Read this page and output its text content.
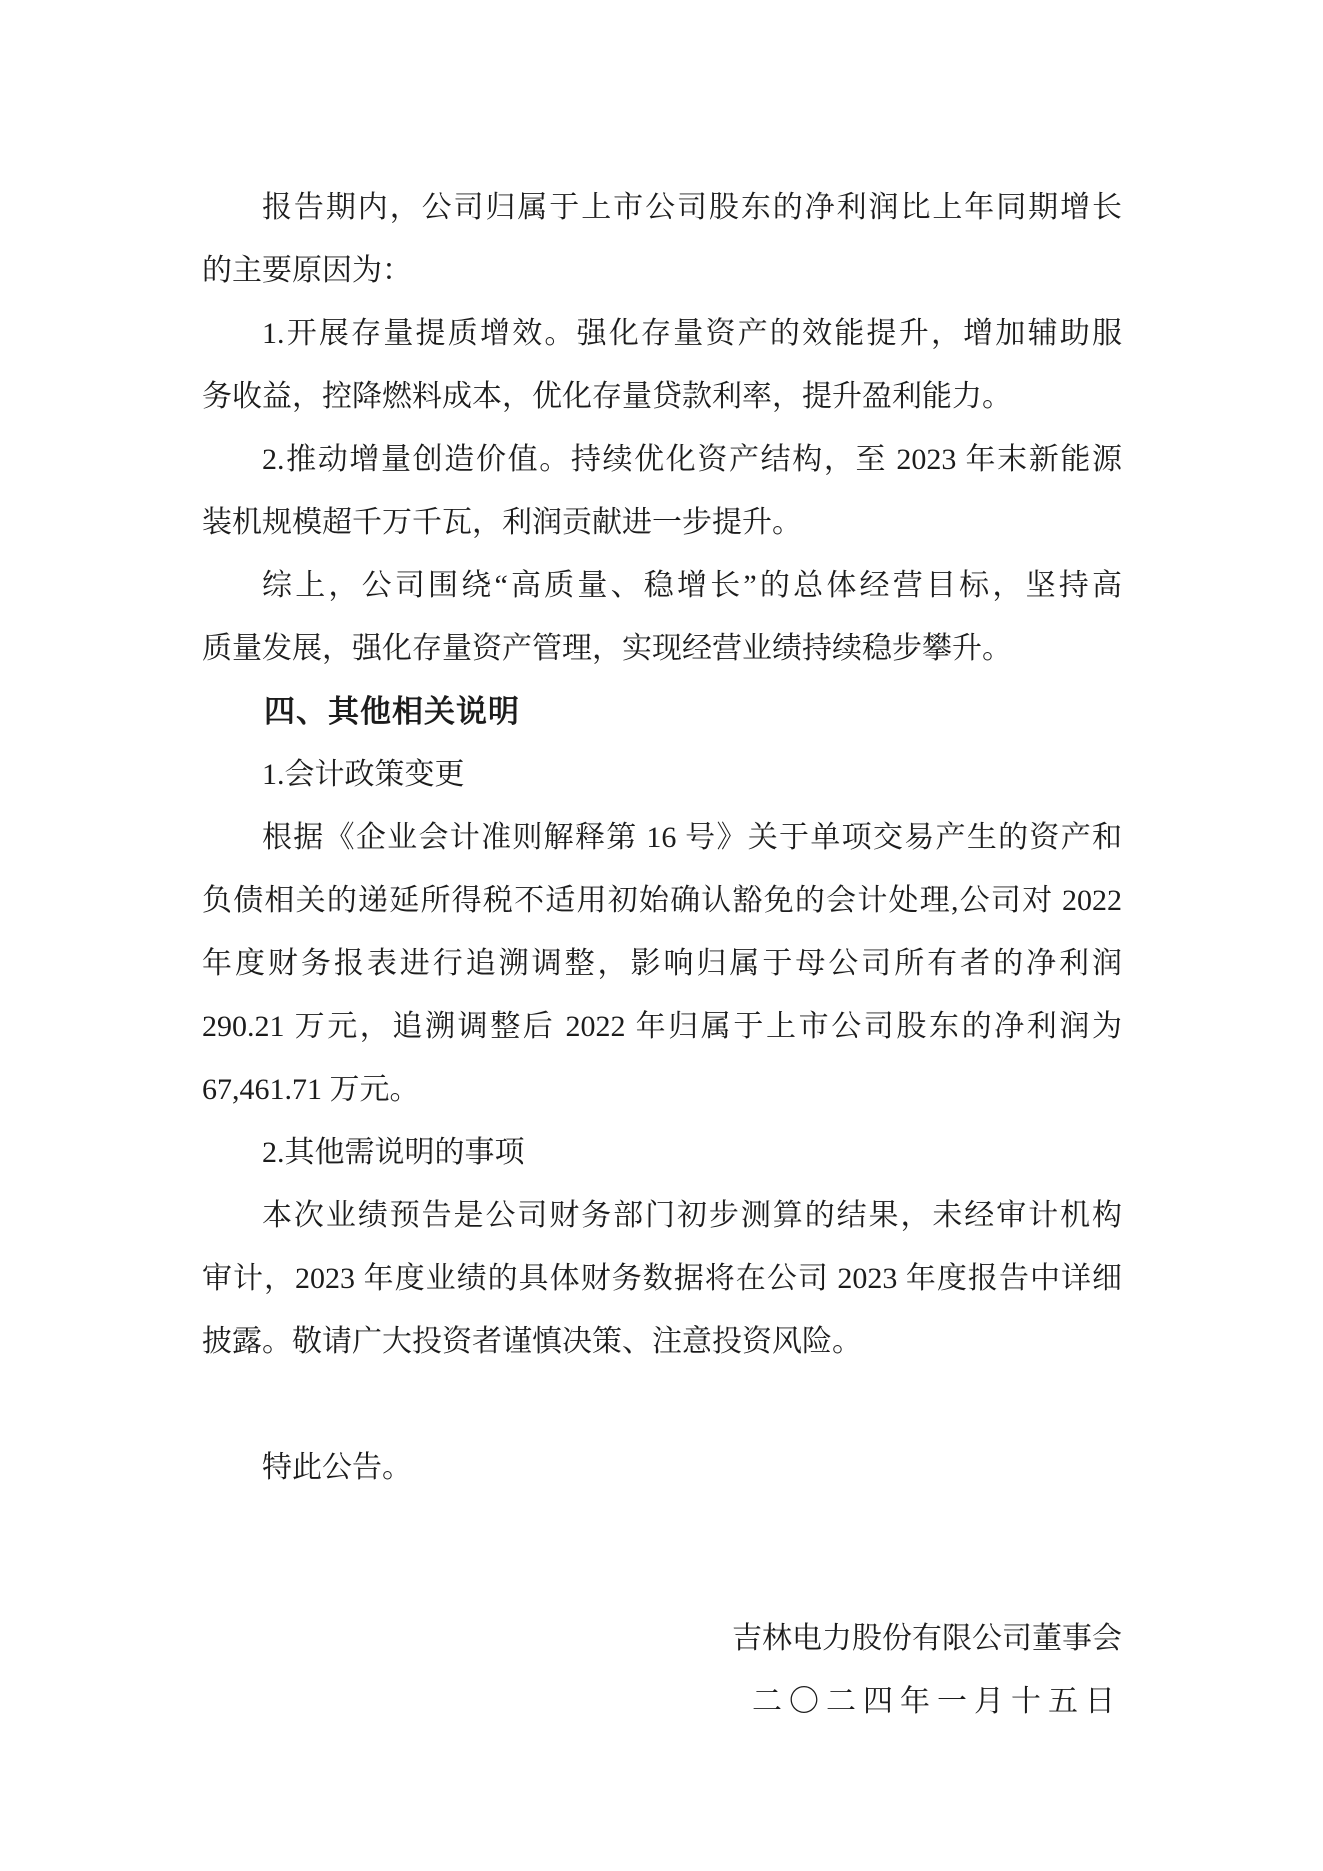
报告期内，公司归属于上市公司股东的净利润比上年同期增长
的主要原因为：

1.开展存量提质增效。强化存量资产的效能提升，增加辅助服
务收益，控降燃料成本，优化存量贷款利率，提升盈利能力。

2.推动增量创造价值。持续优化资产结构，至 2023 年末新能源
装机规模超千万千瓦，利润贡献进一步提升。

综上，公司围绕“高质量、稳增长”的总体经营目标，坚持高
质量发展，强化存量资产管理，实现经营业绩持续稳步攀升。

四、其他相关说明

1.会计政策变更

根据《企业会计准则解释第 16 号》关于单项交易产生的资产和
负债相关的递延所得税不适用初始确认豁免的会计处理,公司对 2022
年度财务报表进行追溯调整，影响归属于母公司所有者的净利润
290.21 万元，追溯调整后 2022 年归属于上市公司股东的净利润为
67,461.71 万元。

2.其他需说明的事项

本次业绩预告是公司财务部门初步测算的结果，未经审计机构
审计，2023 年度业绩的具体财务数据将在公司 2023 年度报告中详细
披露。敬请广大投资者谨慎决策、注意投资风险。

特此公告。

吉林电力股份有限公司董事会

二〇二四年一月十五日
